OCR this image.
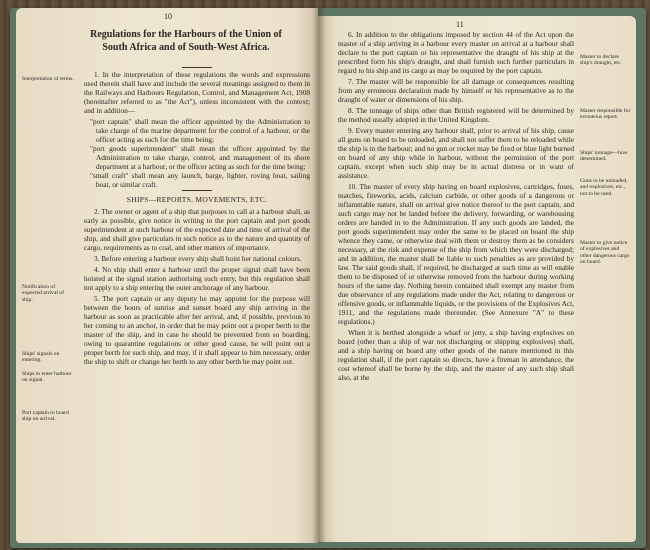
10
Regulations for the Harbours of the Union of South Africa and of South-West Africa.
Interpretation of terms.
Notification of expected arrival of ship.
Ships' signals on entering.
Ships to enter harbour on signal.
Port captain to board ship on arrival.

1. In the interpretation of these regulations the words and expressions used therein shall have and include the several meanings assigned to them in the Railways and Harbours Regulation, Control, and Management Act, 1908 (hereinafter referred to as "the Act"), unless inconsistent with the context; and in addition—

"port captain" shall mean the officer appointed by the Administration to take charge of the marine department for the control of a harbour, or the officer acting as such for the time being;

"port goods superintendent" shall mean the officer appointed by the Administration to take charge, control, and management of its shore department at a harbour, or the officer acting as such for the time being;

"small craft" shall mean any launch, barge, lighter, roving boat, sailing boat, or similar craft.

SHIPS—REPORTS, MOVEMENTS, ETC.

2. The owner or agent of a ship that purposes to call at a harbour shall, as early as possible, give notice in writing to the port captain and port goods superintendent at such harbour of the expected date and time of arrival of the ship, and shall give particulars in such notice as to the nature and quantity of cargo, requirements as to coal, and other matters of importance.

3. Before entering a harbour every ship shall hoist her national colours.

4. No ship shall enter a harbour until the proper signal shall have been hoisted at the signal station authorising such entry, but this regulation shall not apply to a ship entering the outer anchorage of any harbour.

5. The port captain or any deputy he may appoint for the purpose will between the hours of sunrise and sunset board any ship arriving in the harbour as soon as practicable after her arrival, and, if possible, previous to her coming to an anchor, in order that he may point out a proper berth to the master of the ship, and in case he should be prevented from so boarding, owing to quarantine regulations or other good cause, he will point out a proper berth for such ship, and may, if it shall appear to him necessary, order the ship to shift or change her berth to any other berth he may point out.

11

6. In addition to the obligations imposed by section 44 of the Act upon the master of a ship arriving in a harbour every master on arrival at a harbour shall declare to the port captain or his representative the draught of his ship at the prescribed form his ship's draught, and shall furnish such further particulars in regard to his ship and its cargo as may be required by the port captain.

7. The master will be responsible for all damage or consequences resulting from any erroneous declaration made by himself or his representative as to the draught of water or dimensions of his ship.

8. The tonnage of ships other than British registered will be determined by the method usually adopted in the United Kingdom.

9. Every master entering any harbour shall, prior to arrival of his ship, cause all guns on board to be unloaded, and shall not suffer them to be reloaded while the ship is in the harbour; and no gun or rocket may be fired or blue light burned on board of any ship while in harbour, without the permission of the port captain, except when such ship may be in actual distress or in want of assistance.

10. The master of every ship having on board explosives, cartridges, fuses, matches, fireworks, acids, calcium carbide, or other goods of a dangerous or inflammable nature, shall on arrival give notice thereof to the port captain, and such cargo may not be landed before the delivery, forwarding, or warehousing orders are handed in to the Administration. If any such goods are landed, the port goods superintendent may order the same to be placed on board the ship whence they came, or otherwise deal with them or destroy them as he considers necessary, at the risk and expense of the ship from which they were discharged; and in addition, the master shall be liable to such penalties as are provided by law. The said goods shall, if required, be discharged at such time as will enable them to be disposed of or otherwise removed from the harbour during working hours of the same day. Nothing herein contained shall exempt any master from due observance of any regulations made under the Act, relating to dangerous or offensive goods, or inflammable liquids, or the provisions of the Explosives Act, 1911, and the regulations made thereunder. (See Annexure "A" to these regulations.)

When it is berthed alongside a wharf or jetty, a ship having explosives on board (other than a ship of war not discharging or shipping explosives) shall, and a ship having on board any other goods of the nature mentioned in this regulation shall, if the port captain so directs, have a fireman in attendance, the cost whereof shall be borne by the ship, and the master of any such ship shall also, at the

Master to declare ship's draught, etc.
Master responsible for erroneous report.
Ships' tonnage—how determined.
Guns to be unloaded, and explosives, etc., not to be used.
Master to give notice of explosives and other dangerous cargo on board.
